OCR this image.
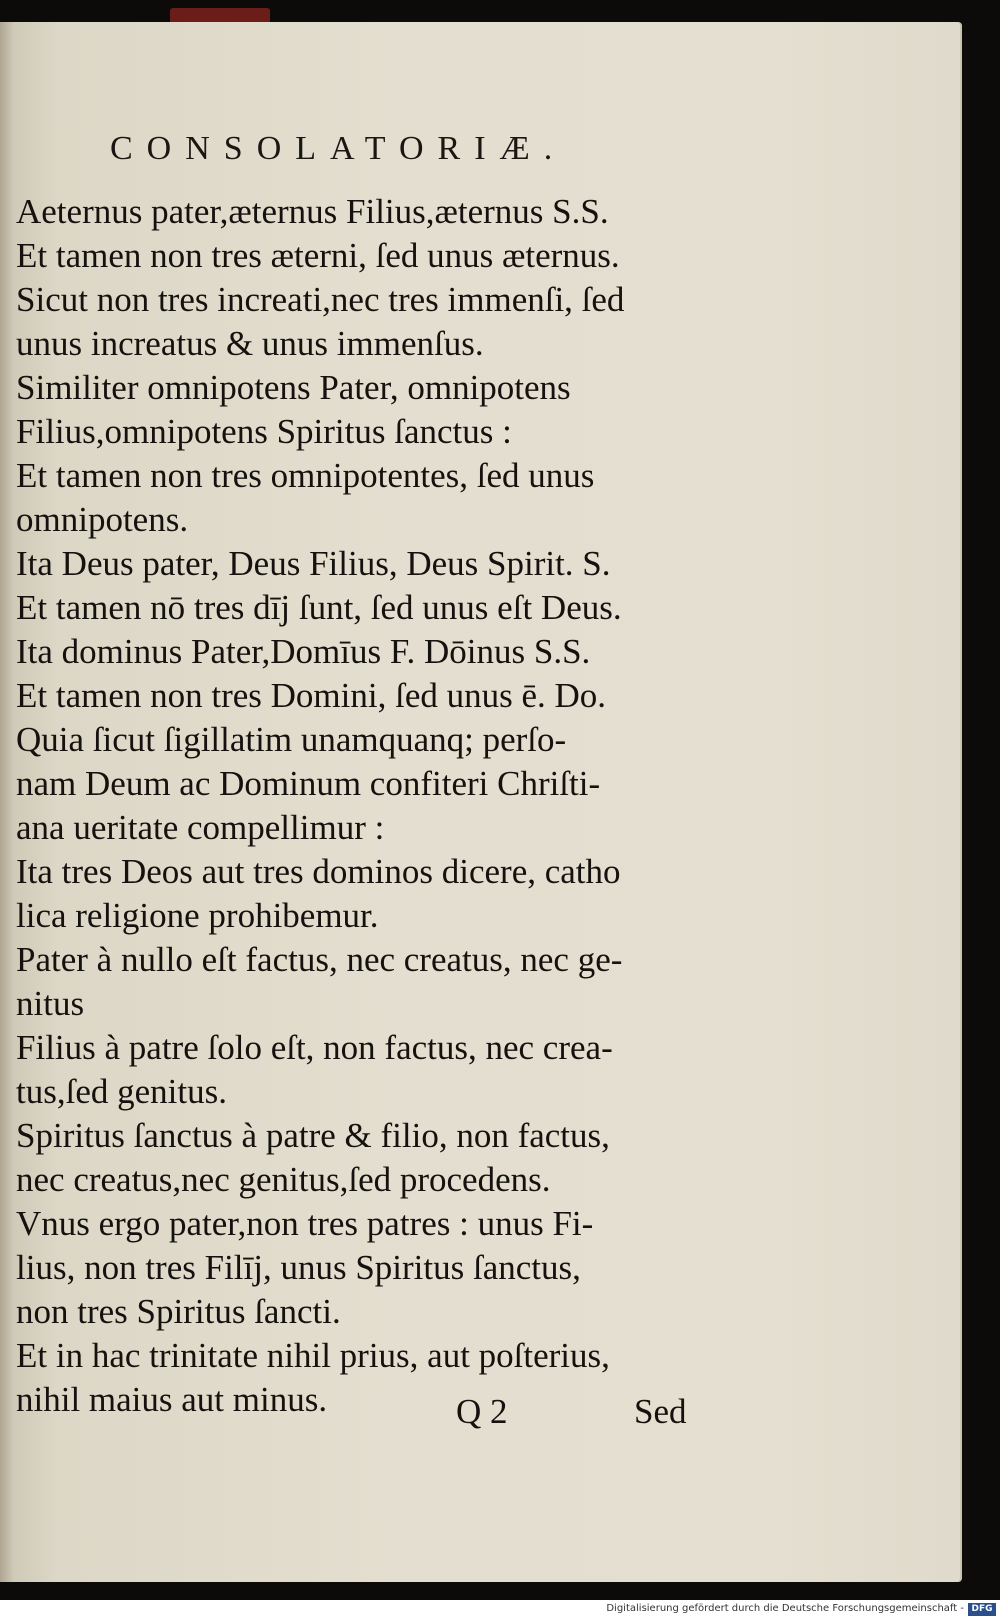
CONSOLATORIÆ.
Aeternus pater,æternus Filius,æternus S.S.
Et tamen non tres æterni, ſed unus æternus.
Sicut non tres increati,nec tres immenſi, ſed
unus increatus & unus immenſus.
Similiter omnipotens Pater, omnipotens
Filius,omnipotens Spiritus ſanctus :
Et tamen non tres omnipotentes, ſed unus
omnipotens.
Ita Deus pater, Deus Filius, Deus Spirit. S.
Et tamen nō tres dīj ſunt, ſed unus eſt Deus.
Ita dominus Pater,Domīus F. Dōinus S.S.
Et tamen non tres Domini, ſed unus ē. Do.
Quia ſicut ſigillatim unamquanq; perſo-
nam Deum ac Dominum confiteri Chriſti-
ana ueritate compellimur :
Ita tres Deos aut tres dominos dicere, catho
lica religione prohibemur.
Pater à nullo eſt factus, nec creatus, nec ge-
nitus
Filius à patre ſolo eſt, non factus, nec crea-
tus,ſed genitus.
Spiritus ſanctus à patre & filio, non factus,
nec creatus,nec genitus,ſed procedens.
Vnus ergo pater,non tres patres : unus Fi-
lius, non tres Filīj, unus Spiritus ſanctus,
non tres Spiritus ſancti.
Et in hac trinitate nihil prius, aut poſterius,
nihil maius aut minus.	Q 2	Sed
Digitalisierung gefördert durch die Deutsche Forschungsgemeinschaft - DFG
